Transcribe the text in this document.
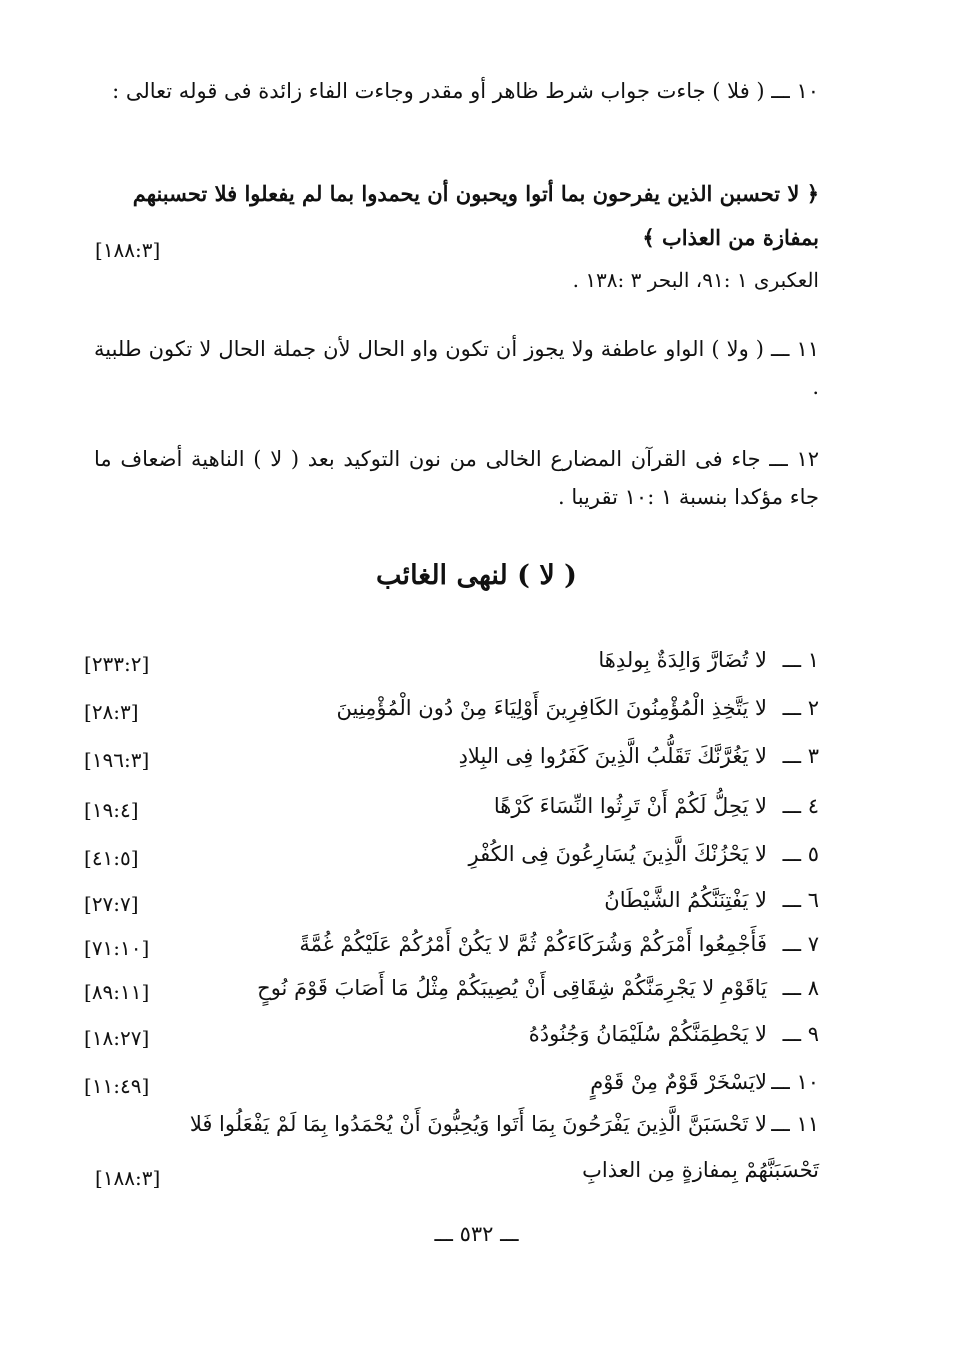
١٠ ـــ ( فلا ) جاءت جواب شرط ظاهر أو مقدر وجاءت الفاء زائدة فى قوله تعالى :
﴿ لا تحسبن الذين يفرحون بما أتوا ويحبون أن يحمدوا بما لم يفعلوا فلا تحسبنهم بمفازة من العذاب ﴾
[١٨٨:٣]
العكبرى ١ :٩١، البحر ٣ :١٣٨ .
١١ ـــ ( ولا ) الواو عاطفة ولا يجوز أن تكون واو الحال لأن جملة الحال لا تكون طلبية .
١٢ ـــ جاء فى القرآن المضارع الخالى من نون التوكيد بعد ( لا ) الناهية أضعاف ما جاء مؤكدا بنسبة ١ :١٠ تقريبا .
( لا ) لنهى الغائب
١ ـــ
لا تُضَارَّ وَالِدَةٌ بِولدِهَا
[٢٣٣:٢]
٢ ـــ
لا يَتَّخِذِ الْمُؤْمِنُونَ الكَافِرِينَ أَوْلِيَاءَ مِنْ دُون الْمُؤْمِنِينَ
[٢٨:٣]
٣ ـــ
لا يَغُرَّنَّكَ تَقَلُّبُ الَّذِينَ كَفَرُوا فِى البِلادِ
[١٩٦:٣]
٤ ـــ
لا يَحِلُّ لَكُمْ أَنْ تَرِثُوا النِّسَاءَ كَرْهًا
[١٩:٤]
٥ ـــ
لا يَحْزُنْكَ الَّذِينَ يُسَارِعُونَ فِى الكُفْرِ
[٤١:٥]
٦ ـــ
لا يَفْتِنَنَّكُمُ الشَّيْطَانُ
[٢٧:٧]
٧ ـــ
فَأَجْمِعُوا أَمْرَكُمْ وَشُرَكَاءَكُمْ ثُمَّ لا يَكُنْ أَمْرُكُمْ عَلَيْكُمْ غُمَّةً
[٧١:١٠]
٨ ـــ
يَاقَوْمِ لا يَجْرِمَنَّكُمْ شِقَاقِى أَنْ يُصِيبَكُمْ مِثْلُ مَا أَصَابَ قَوْمَ نُوحٍ
[٨٩:١١]
٩ ـــ
لا يَحْطِمَنَّكُمْ سُلَيْمَانُ وَجُنُودُهُ
[١٨:٢٧]
١٠ ـــ
لايَسْخَرْ قَوْمٌ مِنْ قَوْمٍ
[١١:٤٩]
١١ ـــ
لا تَحْسَبَنَّ الَّذِينَ يَفْرَحُونَ بِمَا أَتَوا وَيُحِبُّونَ أَنْ يُحْمَدُوا بِمَا لَمْ يَفْعَلُوا فَلا
تَحْسَبَنَّهُمْ بِمفازةٍ مِن العذابِ
[١٨٨:٣]
ـــ ٥٣٢ ـــ
